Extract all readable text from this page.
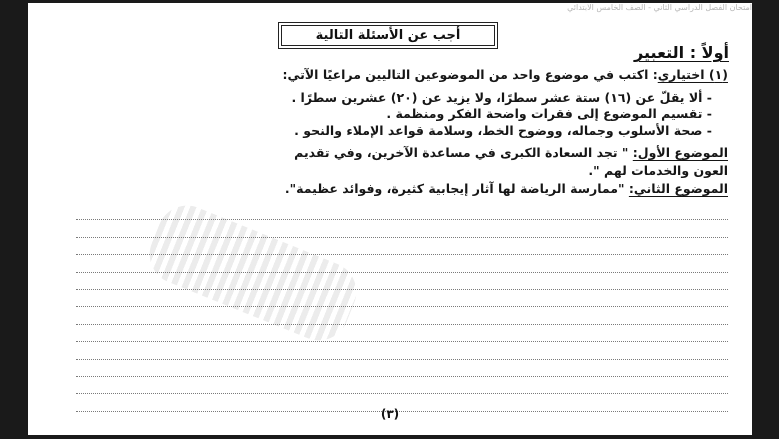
امتحان الفصل الدراسي الثاني - الصف الخامس الابتدائي
أجب عن الأسئلة التالية
أولاً : التعبير
(١) اختياري: اكتب في موضوع واحد من الموضوعين التاليين مراعيًا الآتي:
- ألا يقلّ عن (١٦) ستة عشر سطرًا، ولا يزيد عن (٢٠) عشرين سطرًا .
- تقسيم الموضوع إلى فقرات واضحة الفكر ومنظمة .
- صحة الأسلوب وجماله، ووضوح الخط، وسلامة قواعد الإملاء والنحو .
الموضوع الأول: " تجد السعادة الكبرى في مساعدة الآخرين، وفي تقديم
العون والخدمات لهم ".
الموضوع الثاني: "ممارسة الرياضة لها آثار إيجابية كثيرة، وفوائد عظيمة".
(٣)
